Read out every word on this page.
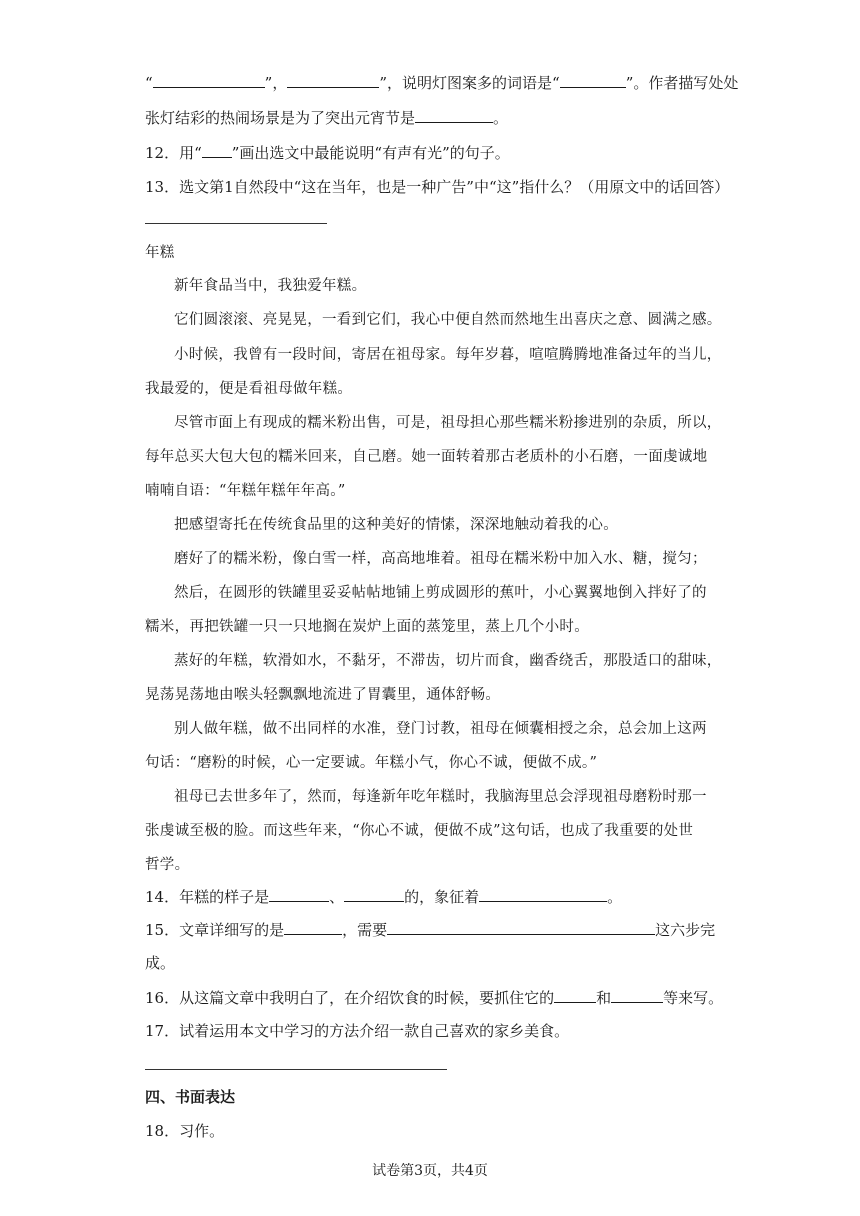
“	”，	”，说明灯图案多的词语是“	”。作者描写处处
张灯结彩的热闹场景是为了突出元宵节是	。
12．用“ ”画出选文中最能说明“有声有光”的句子。
13．选文第1自然段中“这在当年，也是一种广告”中“这”指什么？（用原文中的话回答）
年糕
新年食品当中，我独爱年糕。
它们圆滚滚、亮晃晃，一看到它们，我心中便自然而然地生出喜庆之意、圆满之感。
小时候，我曾有一段时间，寄居在祖母家。每年岁暮，喧喧腾腾地准备过年的当儿，
我最爱的，便是看祖母做年糕。
尽管市面上有现成的糯米粉出售，可是，祖母担心那些糯米粉掺进别的杂质，所以，
每年总买大包大包的糯米回来，自己磨。她一面转着那古老质朴的小石磨，一面虔诚地
喃喃自语：“年糕年糕年年高。”
把感望寄托在传统食品里的这种美好的情愫，深深地触动着我的心。
磨好了的糯米粉，像白雪一样，高高地堆着。祖母在糯米粉中加入水、糖，搅匀；
然后，在圆形的铁罐里妥妥帖帖地铺上剪成圆形的蕉叶，小心翼翼地倒入拌好了的
糯米，再把铁罐一只一只地搁在炭炉上面的蒸笼里，蒸上几个小时。
蒸好的年糕，软滑如水，不黏牙，不滞齿，切片而食，幽香绕舌，那股适口的甜味，
晃荡晃荡地由喉头轻飘飘地流进了胃囊里，通体舒畅。
别人做年糕，做不出同样的水准，登门讨教，祖母在倾囊相授之余，总会加上这两
句话：“磨粉的时候，心一定要诚。年糕小气，你心不诚，便做不成。”
祖母已去世多年了，然而，每逢新年吃年糕时，我脑海里总会浮现祖母磨粉时那一
张虔诚至极的脸。而这些年来，“你心不诚，便做不成”这句话，也成了我重要的处世
哲学。
14．年糕的样子是	、	的，象征着	。
15．文章详细写的是	，需要	这六步完
成。
16．从这篇文章中我明白了，在介绍饮食的时候，要抓住它的	和	等来写。
17．试着运用本文中学习的方法介绍一款自己喜欢的家乡美食。
四、书面表达
18．习作。
试卷第3页，共4页
